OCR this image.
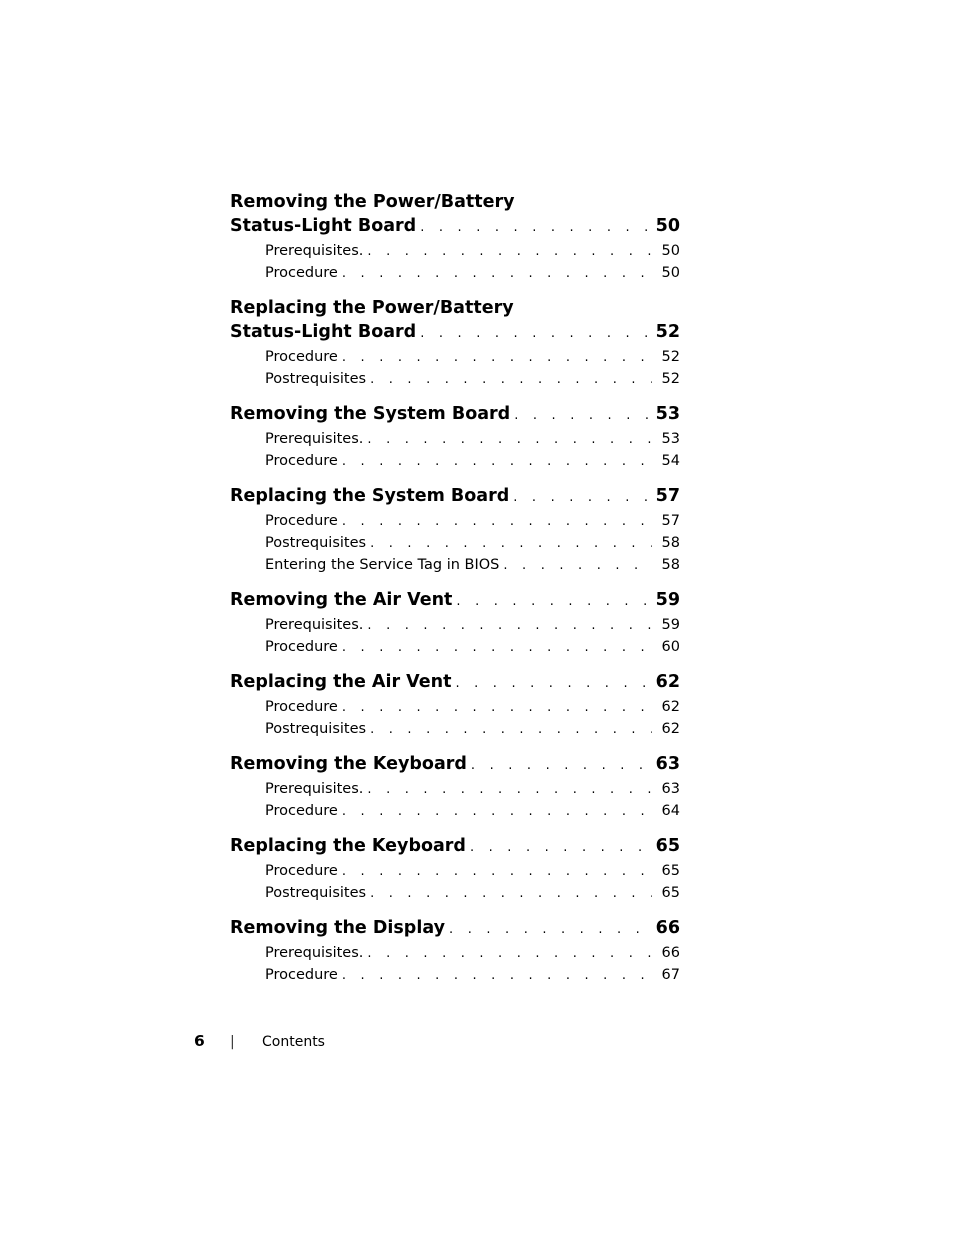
Removing the Power/Battery
Status-Light Board . . .	50
Prerequisites. . . .	50
Procedure . . .	50
Replacing the Power/Battery
Status-Light Board . . .	52
Procedure . . .	52
Postrequisites . . .	52
Removing the System Board . . .	53
Prerequisites. . . .	53
Procedure . . .	54
Replacing the System Board . . .	57
Procedure . . .	57
Postrequisites . . .	58
Entering the Service Tag in BIOS . . .	58
Removing the Air Vent . . .	59
Prerequisites. . . .	59
Procedure . . .	60
Replacing the Air Vent . . .	62
Procedure . . .	62
Postrequisites . . .	62
Removing the Keyboard . . .	63
Prerequisites. . . .	63
Procedure . . .	64
Replacing the Keyboard . . .	65
Procedure . . .	65
Postrequisites . . .	65
Removing the Display . . .	66
Prerequisites. . . .	66
Procedure . . .	67
6 | Contents
